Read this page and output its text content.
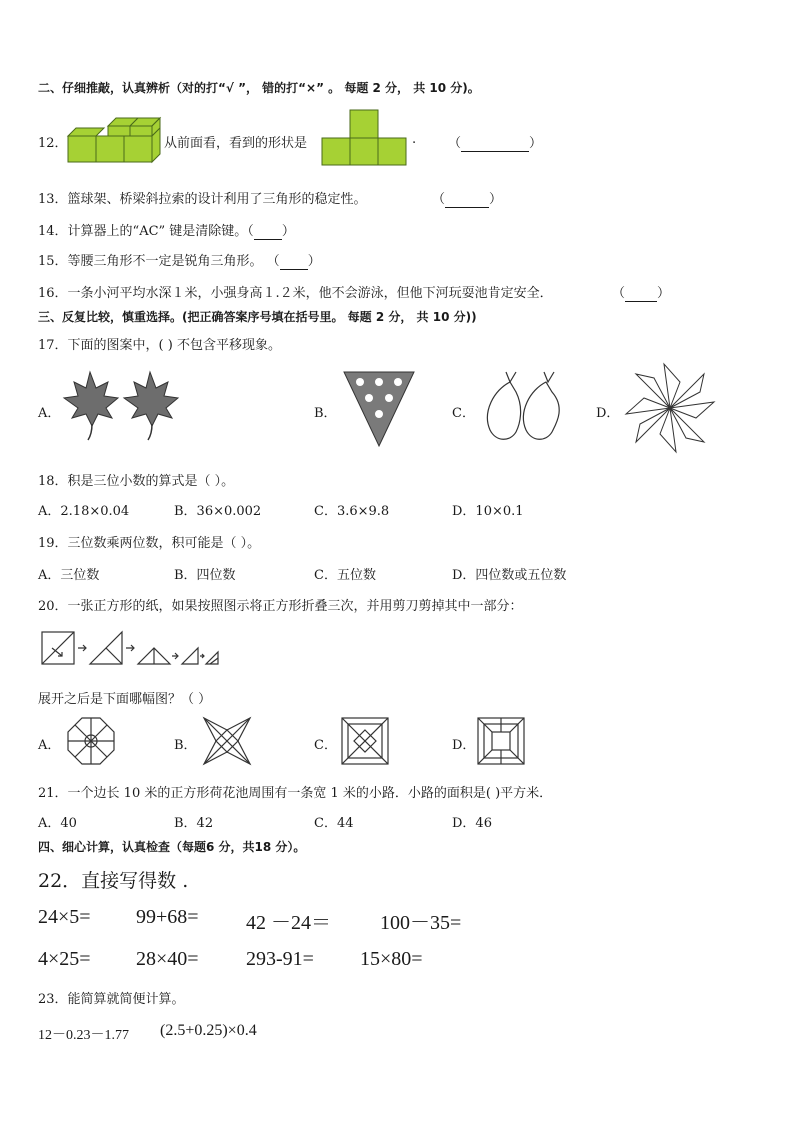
二、仔细推敲，认真辨析（对的打“√ ”， 错的打“×” 。 每题 2 分， 共 10 分)。
12．	从前面看，看到的形状是	. （	）
13．篮球架、桥梁斜拉索的设计利用了三角形的稳定性。	（	）
14．计算器上的“AC” 键是清除键。（ ）
15．等腰三角形不一定是锐角三角形。 （ ）
16．一条小河平均水深１米，小强身高１.２米，他不会游泳，但他下河玩耍池肯定安全．	（ ）
三、反复比较，慎重选择。(把正确答案序号填在括号里。 每题 2 分， 共 10 分))
17．下面的图案中，( ) 不包含平移现象。
A．	B．	C．	D．
18．积是三位小数的算式是（ ）。
A．2.18×0.04	B．36×0.002	C．3.6×9.8	D．10×0.1
19．三位数乘两位数，积可能是（ ）。
A．三位数	B．四位数	C．五位数	D．四位数或五位数
20．一张正方形的纸，如果按照图示将正方形折叠三次，并用剪刀剪掉其中一部分：
展开之后是下面哪幅图？（ ）
A．	B．	C．	D．
21．一个边长 10 米的正方形荷花池周围有一条宽 1 米的小路．小路的面积是( )平方米．
A．40	B．42	C．44	D．46
四、细心计算，认真检查（每题6 分，共18 分）。
22．直接写得数 .
24×5= 99+68= 42 －24＝ 100－35=
4×25= 28×40= 293-91= 15×80=
23．能简算就简便计算。
12－0.23－1.77 (2.5+0.25)×0.4
